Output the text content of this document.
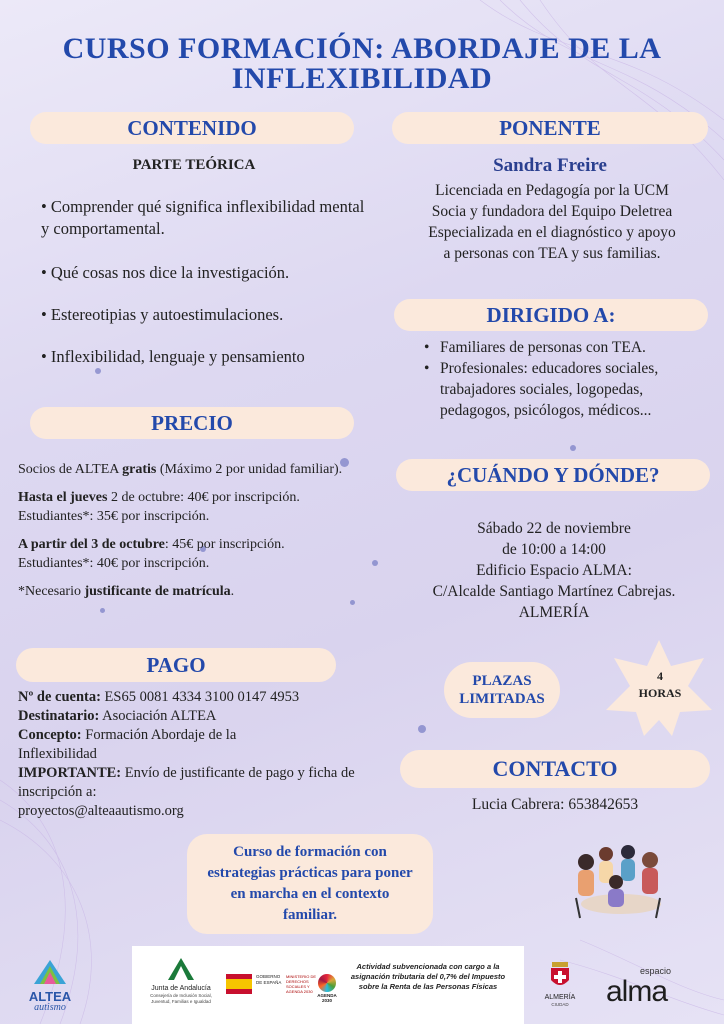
CURSO FORMACIÓN: ABORDAJE DE LA
INFLEXIBILIDAD
CONTENIDO
PARTE TEÓRICA
• Comprender qué significa inflexibilidad mental y comportamental.
• Qué cosas nos dice la investigación.
• Estereotipias y autoestimulaciones.
• Inflexibilidad, lenguaje y pensamiento
PONENTE
Sandra Freire
Licenciada en Pedagogía por la UCM
Socia y fundadora del Equipo Deletrea
Especializada en el diagnóstico y apoyo
a personas con TEA y sus familias.
DIRIGIDO A:
• Familiares de personas con TEA.
• Profesionales: educadores sociales, trabajadores sociales, logopedas, pedagogos, psicólogos, médicos...
PRECIO
Socios de ALTEA gratis (Máximo 2 por unidad familiar).
Hasta el jueves 2 de octubre: 40€ por inscripción.
Estudiantes*: 35€ por inscripción.
A partir del 3 de octubre: 45€ por inscripción.
Estudiantes*: 40€ por inscripción.
*Necesario justificante de matrícula.
¿CUÁNDO Y DÓNDE?
Sábado 22 de noviembre
de 10:00 a 14:00
Edificio Espacio ALMA:
C/Alcalde Santiago Martínez Cabrejas.
ALMERÍA
PAGO
Nº de cuenta: ES65 0081 4334 3100 0147 4953
Destinatario: Asociación ALTEA
Concepto: Formación Abordaje de la Inflexibilidad
IMPORTANTE: Envío de justificante de pago y ficha de inscripción a:
proyectos@alteaautismo.org
PLAZAS LIMITADAS
4
HORAS
CONTACTO
Lucia Cabrera: 653842653
Curso de formación con estrategias prácticas para poner en marcha en el contexto familiar.
ALTEA
autismo
Junta de Andalucía
Consejería de Inclusión Social, Juventud, Familias e Igualdad
GOBIERNO DE ESPAÑA
MINISTERIO DE DERECHOS SOCIALES Y AGENDA 2030
AGENDA 2030
Actividad subvencionada con cargo a la asignación tributaria del 0,7% del Impuesto sobre la Renta de las Personas Físicas
ALMERÍA
CIUDAD
espacio
alma
